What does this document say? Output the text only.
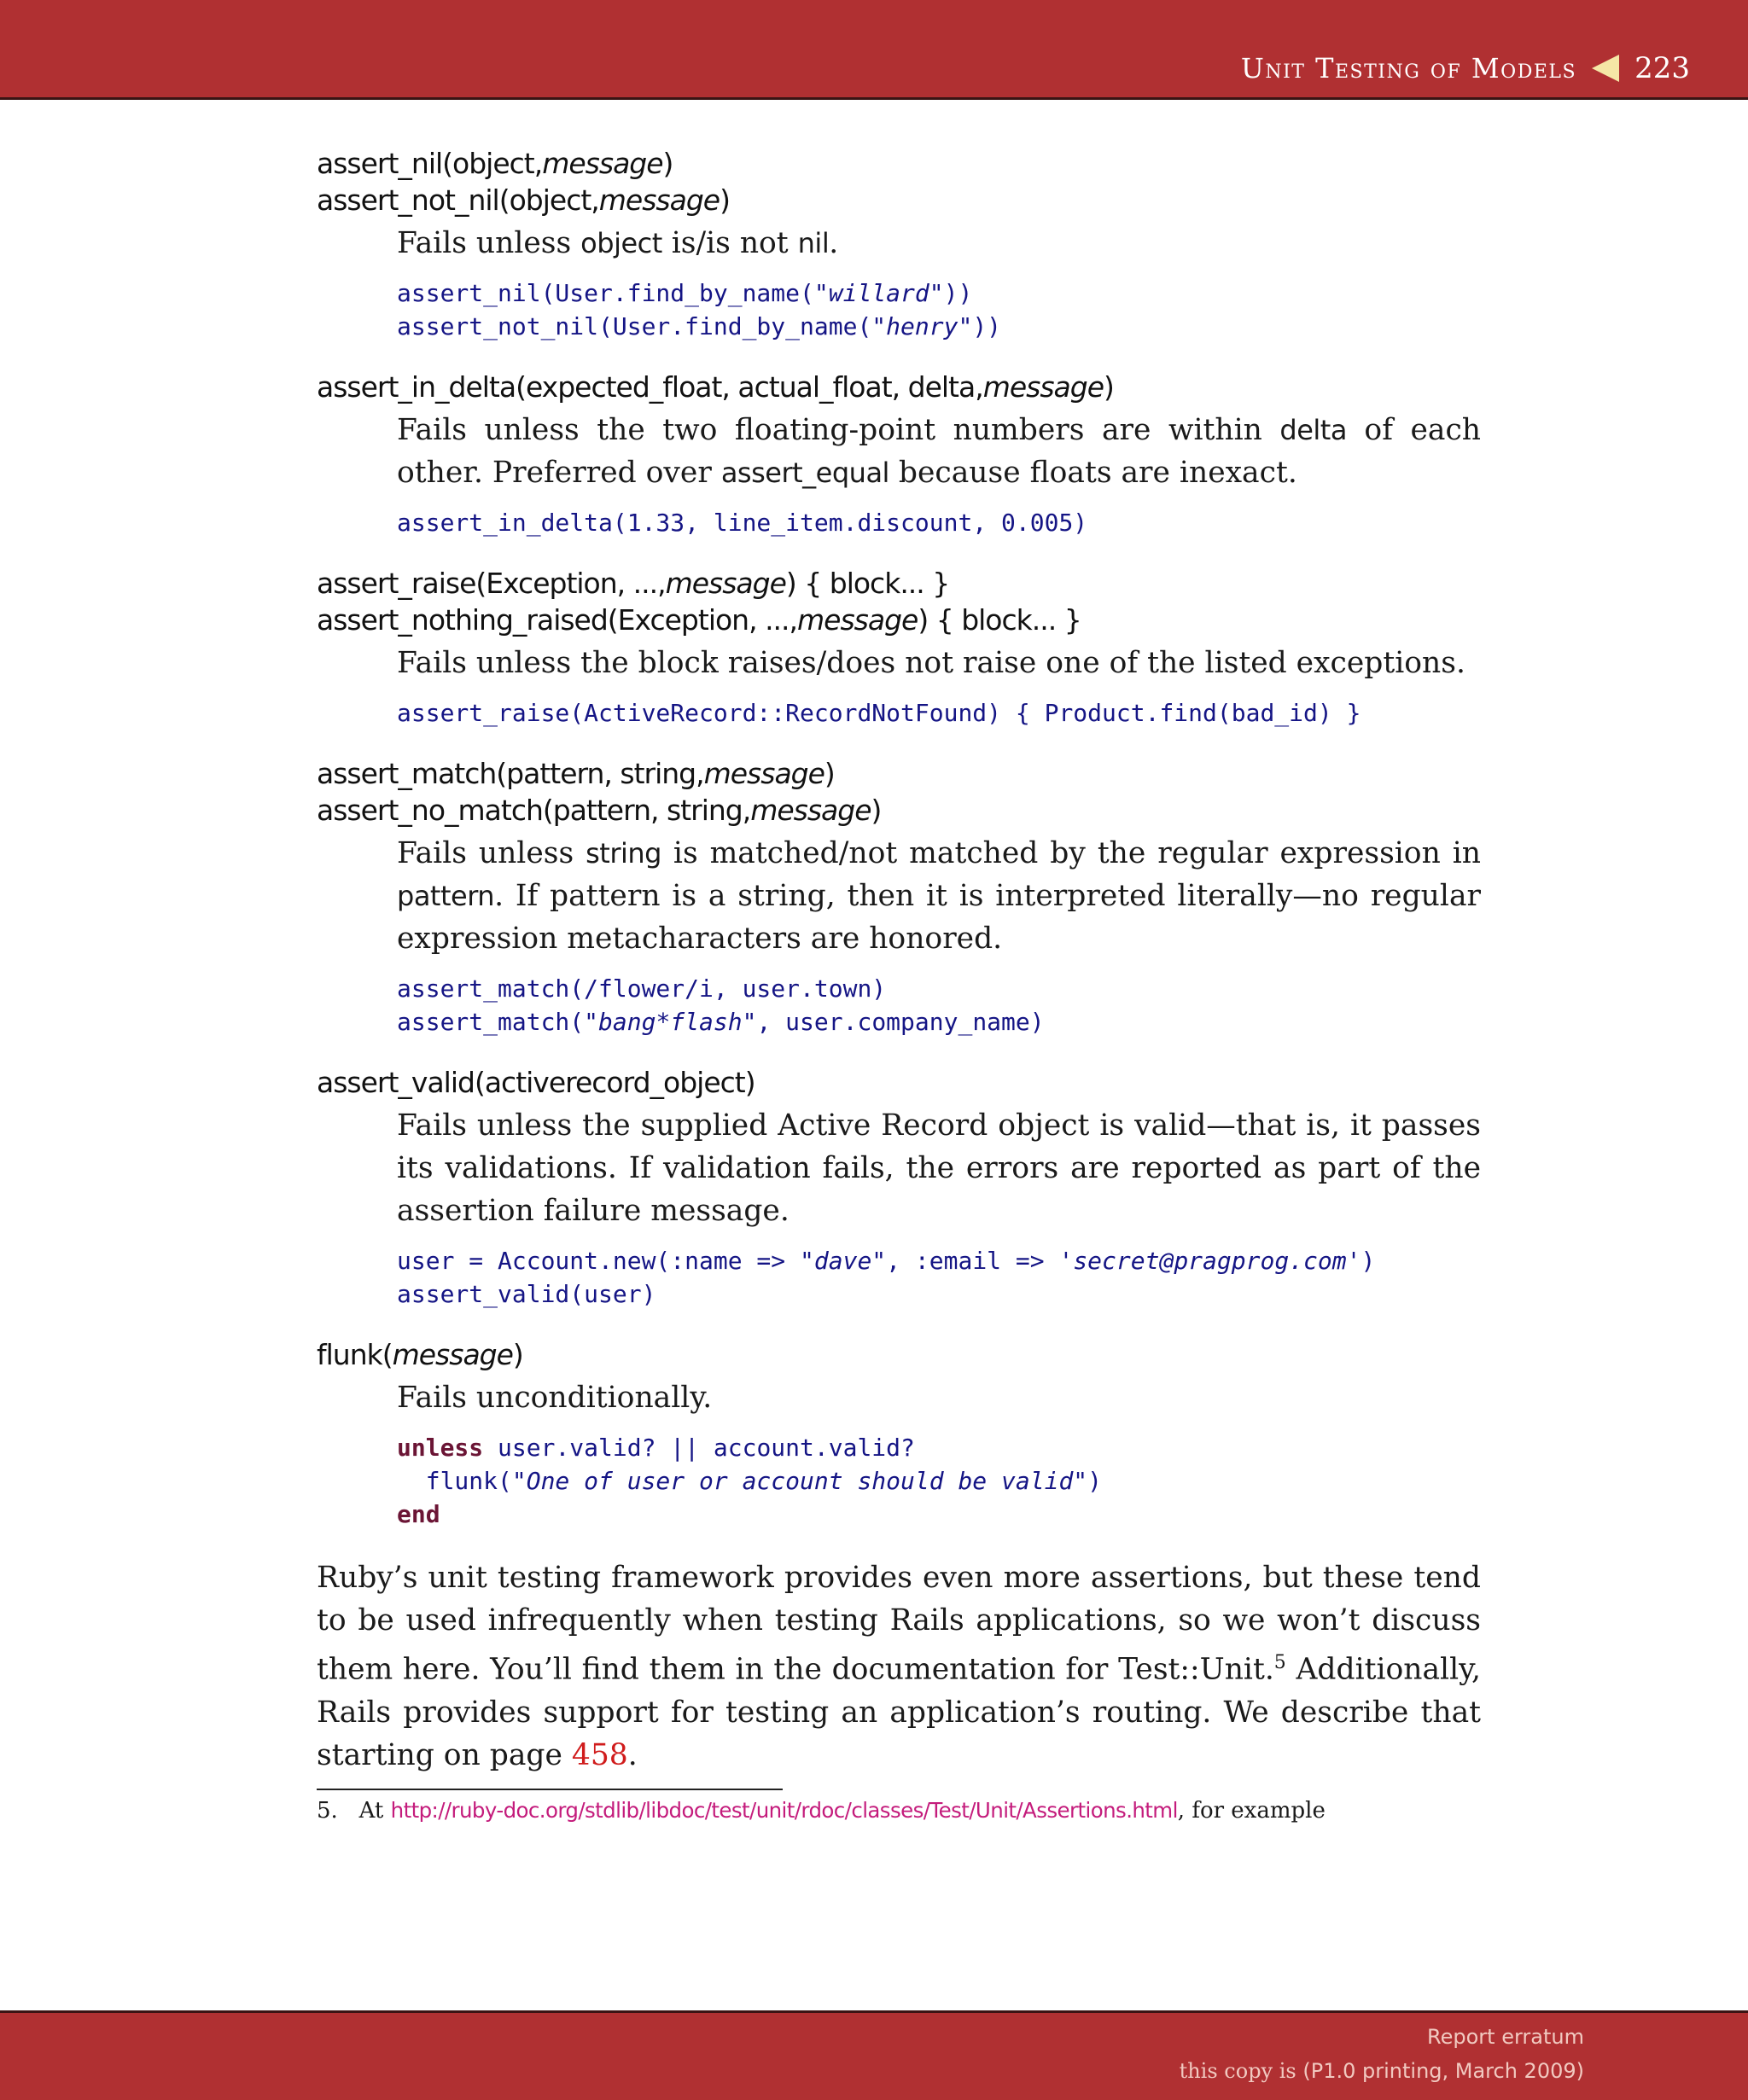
Unit Testing of Models 223
assert_nil(object,message)
assert_not_nil(object,message)
Fails unless object is/is not nil.
assert_nil(User.find_by_name("willard"))
assert_not_nil(User.find_by_name("henry"))
assert_in_delta(expected_float, actual_float, delta,message)
Fails unless the two floating-point numbers are within delta of each other. Preferred over assert_equal because floats are inexact.
assert_in_delta(1.33, line_item.discount, 0.005)
assert_raise(Exception, ...,message) { block... }
assert_nothing_raised(Exception, ...,message) { block... }
Fails unless the block raises/does not raise one of the listed exceptions.
assert_raise(ActiveRecord::RecordNotFound) { Product.find(bad_id) }
assert_match(pattern, string,message)
assert_no_match(pattern, string,message)
Fails unless string is matched/not matched by the regular expression in pattern. If pattern is a string, then it is interpreted literally—no regular expression metacharacters are honored.
assert_match(/flower/i, user.town)
assert_match("bang*flash", user.company_name)
assert_valid(activerecord_object)
Fails unless the supplied Active Record object is valid—that is, it passes its validations. If validation fails, the errors are reported as part of the assertion failure message.
user = Account.new(:name => "dave", :email => 'secret@pragprog.com')
assert_valid(user)
flunk(message)
Fails unconditionally.
unless user.valid? || account.valid?
flunk("One of user or account should be valid")
end
Ruby’s unit testing framework provides even more assertions, but these tend to be used infrequently when testing Rails applications, so we won’t discuss them here. You’ll find them in the documentation for Test::Unit.$^5$ Additionally, Rails provides support for testing an application’s routing. We describe that starting on page 458.
5. At http://ruby-doc.org/stdlib/libdoc/test/unit/rdoc/classes/Test/Unit/Assertions.html, for example
Report erratum
this copy is (P1.0 printing, March 2009)
